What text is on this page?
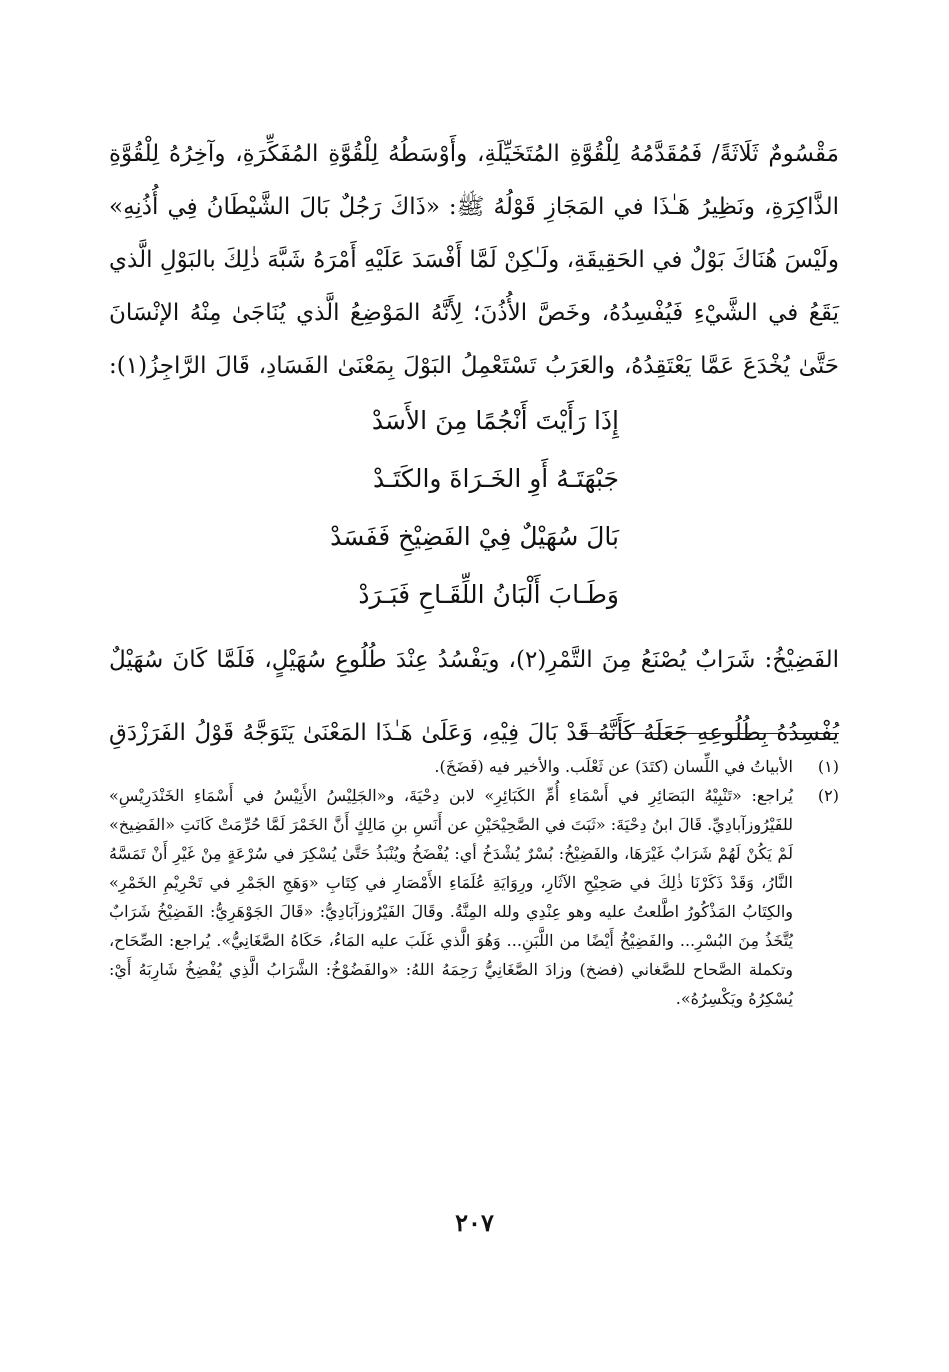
مَقْسُومٌ ثَلَاثَةً/ فَمُقَدَّمُهُ لِلْقُوَّةِ المُتَخَيِّلَةِ، وأَوْسَطُهُ لِلْقُوَّةِ المُفَكِّرَةِ، وآخِرُهُ لِلْقُوَّةِ

الذَّاكِرَةِ، ونَظِيرُ هَـٰذَا في المَجَازِ قَوْلُهُ ﷺ: «ذَاكَ رَجُلٌ بَالَ الشَّيْطَانُ فِي أُذُنِهِ»

ولَيْسَ هُنَاكَ بَوْلٌ في الحَقِيقَةِ، ولَـٰكِنْ لَمَّا أَفْسَدَ عَلَيْهِ أَمْرَهُ شَبَّهَ ذٰلِكَ بالبَوْلِ الَّذي

يَقَعُ في الشَّيْءِ فَيُفْسِدُهُ، وخَصَّ الأُذُنَ؛ لِأَنَّهُ المَوْضِعُ الَّذي يُنَاجَىٰ مِنْهُ الإنْسَانَ

حَتَّىٰ يُخْدَعَ عَمَّا يَعْتَقِدُهُ، والعَرَبُ تَسْتَعْمِلُ البَوْلَ بِمَعْنَىٰ الفَسَادِ، قَالَ الرَّاجِزُ(١):

إِذَا رَأَيْتَ أَنْجُمًا مِنَ الأَسَدْ
جَبْهَتَـهُ أَوِ الخَـرَاةَ والكَتَـدْ
بَالَ سُهَيْلٌ فِيْ الفَضِيْخِ فَفَسَدْ
وَطَـابَ أَلْبَانُ اللِّقَـاحِ فَبَـرَدْ

الفَضِيْخُ: شَرَابٌ يُصْنَعُ مِنَ التَّمْرِ(٢)، ويَفْسُدُ عِنْدَ طُلُوعِ سُهَيْلٍ، فَلَمَّا كَانَ سُهَيْلٌ

يُفْسِدُهُ بِطُلُوعِهِ جَعَلَهُ كَأَنَّهُ قَدْ بَالَ فِيْهِ، وَعَلَىٰ هَـٰذَا المَعْنَىٰ يَتَوَجَّهُ قَوْلُ الفَرَزْدَقِ

(١)
الأبياتُ في اللِّسان (كتَدَ) عن ثَعْلَب. والأخير فيه (فَضَخَ).
(٢)
يُراجع: «تَنْبِيْهُ البَصَائِرِ في أَسْمَاءِ أُمِّ الكَبَائِرِ» لابن دِحْيَةَ، و«الجَلِيْسُ الأَنِيْسُ في أَسْمَاءِ الخَنْدَرِيْسِ» للفَيْرُوزآبادِيِّ. قَالَ ابنُ دِحْيَةَ: «ثَبَتَ في الصَّحِيْحَيْنِ عن أَنَسِ بنِ مَالِكٍ أَنَّ الخَمْرَ لَمَّا حُرِّمَتْ كَانَتِ «الفَضِيخ» لَمْ يَكُنْ لَهُمْ شَرَابٌ غَيْرَهَا، والفَضِيْخُ: بُسْرٌ يُشْدَخُ أي: يُفْضَخُ ويُنْبَذُ حَتَّىٰ يُسْكِرَ في سُرْعَةٍ مِنْ غَيْرِ أَنْ تَمَسَّهُ النَّارُ، وَقَدْ ذَكَرْنَا ذٰلِكَ في صَحِيْحِ الآثَارِ، ورِوَايَةِ عُلَمَاءِ الأَمْصَارِ في كِتَابِ «وَهَجِ الجَمْرِ في تَحْرِيْمِ الخَمْرِ» والكِتَابُ المَذْكُورُ اطَّلعتُ عليه وهو عِنْدِي ولله المِنَّةُ. وقَالَ الفَيْرُوزآبَادِيُّ: «قَالَ الجَوْهَرِيُّ: الفَضِيْخُ شَرَابٌ يُتَّخَذُ مِنَ البُسْرِ... والفَضِيْخُ أَيْضًا من اللَّبَنِ... وَهُوَ الَّذي غَلَبَ عليه المَاءُ، حَكَاهُ الصَّغَانِيُّ». يُراجع: الصِّحَاح، وتكملة الصَّحاح للصَّغاني (فضخ) وزادَ الصَّغَانِيُّ رَحِمَهُ اللهُ: «والفَضُوْخُ: الشَّرَابُ الَّذِي يُفْضِخُ شَارِبَهُ أَيْ: يُسْكِرُهُ ويَكْسِرُهُ».
٢٠٧
